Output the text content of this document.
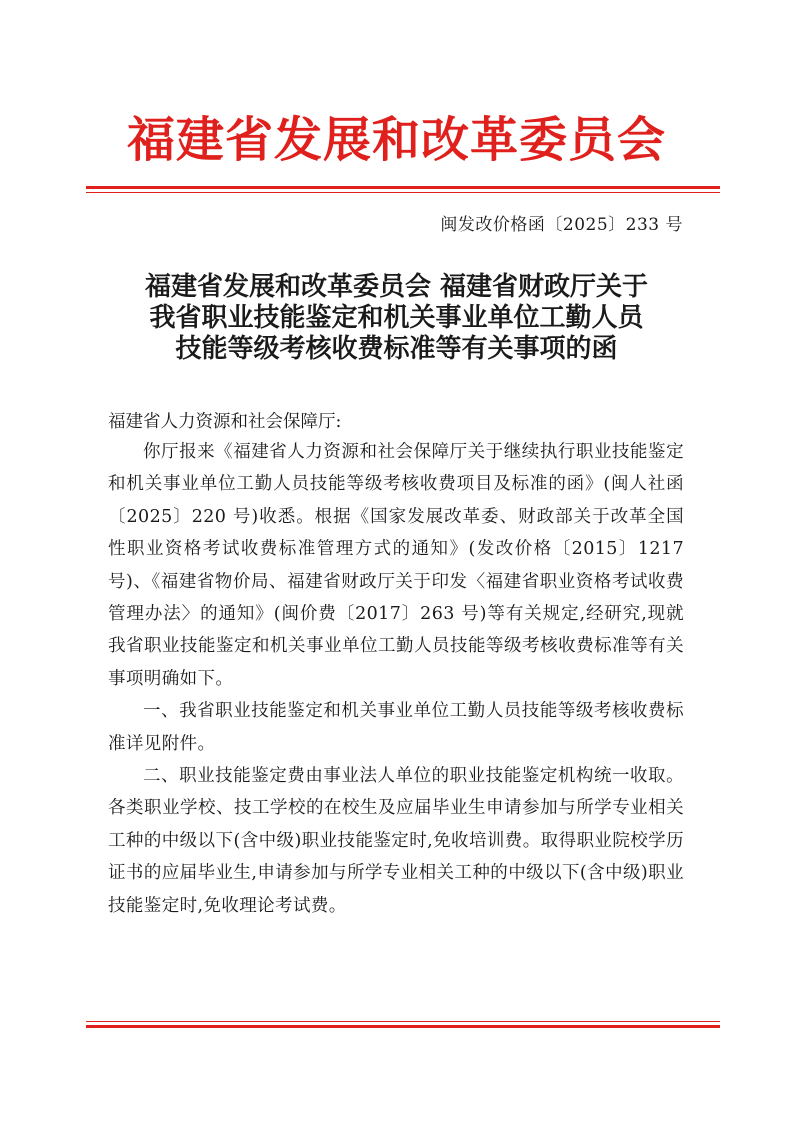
福建省发展和改革委员会
闽发改价格函〔2025〕233 号
福建省发展和改革委员会 福建省财政厅关于
我省职业技能鉴定和机关事业单位工勤人员
技能等级考核收费标准等有关事项的函
福建省人力资源和社会保障厅:

你厅报来《福建省人力资源和社会保障厅关于继续执行职业技能鉴定和机关事业单位工勤人员技能等级考核收费项目及标准的函》(闽人社函〔2025〕220 号)收悉。根据《国家发展改革委、财政部关于改革全国性职业资格考试收费标准管理方式的通知》(发改价格〔2015〕1217 号)、《福建省物价局、福建省财政厅关于印发〈福建省职业资格考试收费管理办法〉的通知》(闽价费〔2017〕263 号)等有关规定,经研究,现就我省职业技能鉴定和机关事业单位工勤人员技能等级考核收费标准等有关事项明确如下。

一、我省职业技能鉴定和机关事业单位工勤人员技能等级考核收费标准详见附件。

二、职业技能鉴定费由事业法人单位的职业技能鉴定机构统一收取。各类职业学校、技工学校的在校生及应届毕业生申请参加与所学专业相关工种的中级以下(含中级)职业技能鉴定时,免收培训费。取得职业院校学历证书的应届毕业生,申请参加与所学专业相关工种的中级以下(含中级)职业技能鉴定时,免收理论考试费。
